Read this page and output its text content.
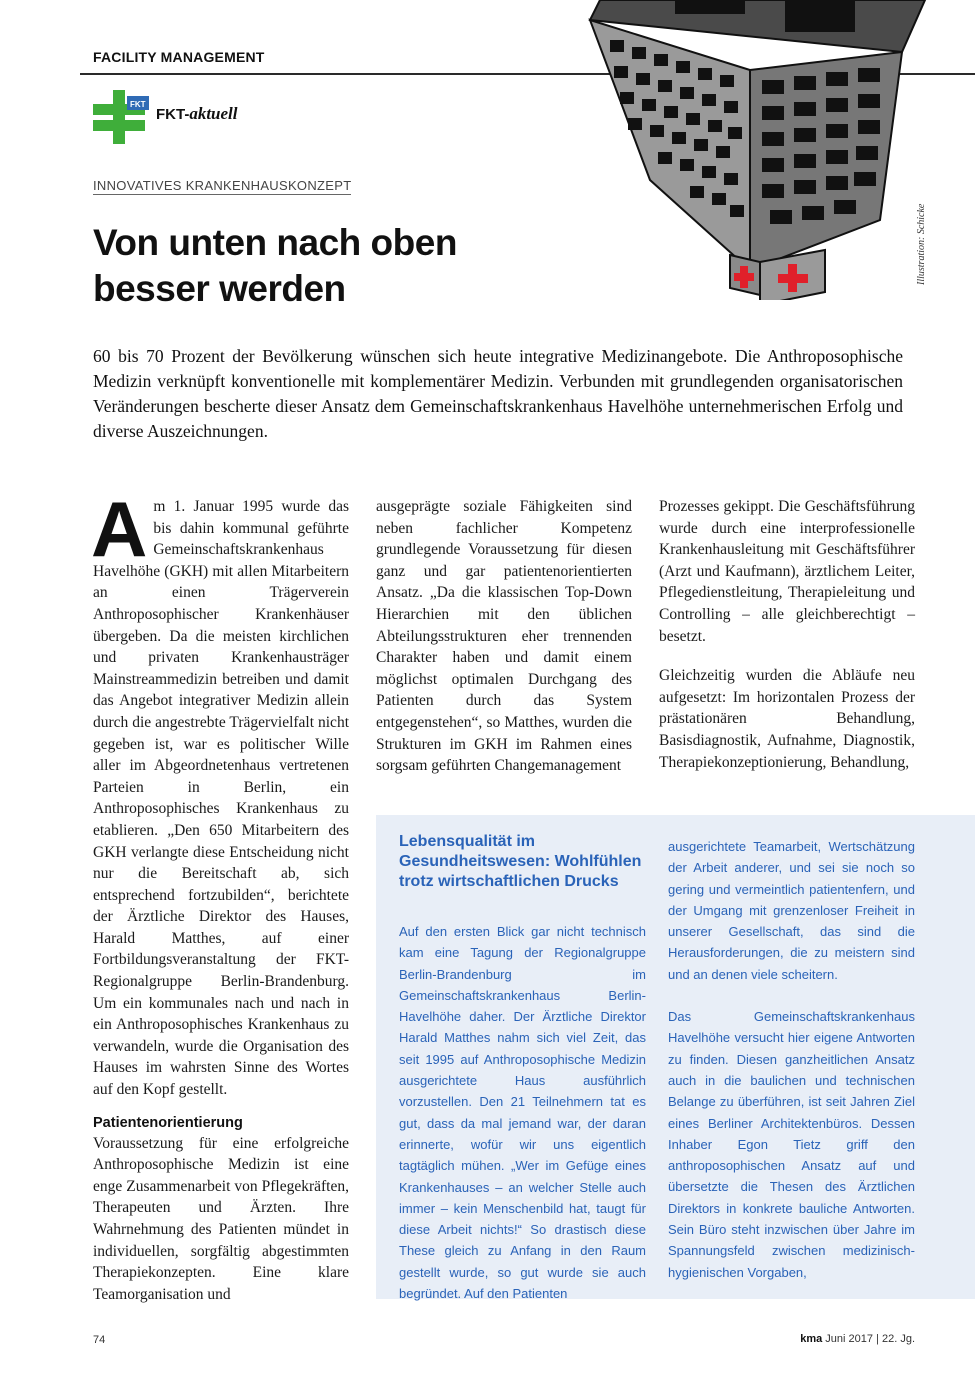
FACILITY MANAGEMENT
FKT
FKT-aktuell
Illustration: Schicke
INNOVATIVES KRANKENHAUSKONZEPT
Von unten nach oben
besser werden
60 bis 70 Prozent der Bevölkerung wünschen sich heute integrative Medizinangebote. Die Anthroposophische Medizin verknüpft konventionelle mit komplementärer Medizin. Verbunden mit grundlegenden organisatorischen Veränderungen bescherte dieser Ansatz dem Gemeinschaftskrankenhaus Havelhöhe unternehmerischen Erfolg und diverse Auszeichnungen.

Am 1. Januar 1995 wurde das bis dahin kommunal geführte Gemeinschaftskrankenhaus Havelhöhe (GKH) mit allen Mitarbeitern an einen Trägerverein Anthroposophischer Krankenhäuser übergeben. Da die meisten kirchlichen und privaten Krankenhausträger Mainstreammedizin betreiben und damit das Angebot integrativer Medizin allein durch die angestrebte Trägervielfalt nicht gegeben ist, war es politischer Wille aller im Abgeordnetenhaus vertretenen Parteien in Berlin, ein Anthroposophisches Krankenhaus zu etablieren. „Den 650 Mitarbeitern des GKH verlangte diese Entscheidung nicht nur die Bereitschaft ab, sich entsprechend fortzubilden“, berichtete der Ärztliche Direktor des Hauses, Harald Matthes, auf einer Fortbildungsveranstaltung der FKT-Regionalgruppe Berlin-Brandenburg. Um ein kommunales nach und nach in ein Anthroposophisches Krankenhaus zu verwandeln, wurde die Organisation des Hauses im wahrsten Sinne des Wortes auf den Kopf gestellt.

Patientenorientierung

Voraussetzung für eine erfolgreiche Anthroposophische Medizin ist eine enge Zusammenarbeit von Pflegekräften, Therapeuten und Ärzten. Ihre Wahrnehmung des Patienten mündet in individuellen, sorgfältig abgestimmten Therapiekonzepten. Eine klare Teamorganisation und

ausgeprägte soziale Fähigkeiten sind neben fachlicher Kompetenz grundlegende Voraussetzung für diesen ganz und gar patientenorientierten Ansatz. „Da die klassischen Top-Down Hierarchien mit den üblichen Abteilungsstrukturen eher trennenden Charakter haben und damit einem möglichst optimalen Durchgang des Patienten durch das System entgegenstehen“, so Matthes, wurden die Strukturen im GKH im Rahmen eines sorgsam geführten Changemanagement

Prozesses gekippt. Die Geschäftsführung wurde durch eine interprofessionelle Krankenhausleitung mit Geschäftsführer (Arzt und Kaufmann), ärztlichem Leiter, Pflegedienstleitung, Therapieleitung und Controlling – alle gleichberechtigt – besetzt.

Gleichzeitig wurden die Abläufe neu aufgesetzt: Im horizontalen Prozess der prästationären Behandlung, Basisdiagnostik, Aufnahme, Diagnostik, Therapiekonzeptionierung, Behandlung,

Lebensqualität im Gesundheitswesen: Wohlfühlen trotz wirtschaftlichen Drucks
Auf den ersten Blick gar nicht technisch kam eine Tagung der Regionalgruppe Berlin-Brandenburg im Gemeinschaftskrankenhaus Berlin-Havelhöhe daher. Der Ärztliche Direktor Harald Matthes nahm sich viel Zeit, das seit 1995 auf Anthroposophische Medizin ausgerichtete Haus ausführlich vorzustellen. Den 21 Teilnehmern tat es gut, dass da mal jemand war, der daran erinnerte, wofür wir uns eigentlich tagtäglich mühen. „Wer im Gefüge eines Krankenhauses – an welcher Stelle auch immer – kein Menschenbild hat, taugt für diese Arbeit nichts!“ So drastisch diese These gleich zu Anfang in den Raum gestellt wurde, so gut wurde sie auch begründet. Auf den Patienten

ausgerichtete Teamarbeit, Wertschätzung der Arbeit anderer, und sei sie noch so gering und vermeintlich patientenfern, und der Umgang mit grenzenloser Freiheit in unserer Gesellschaft, das sind die Herausforderungen, die zu meistern sind und an denen viele scheitern.

Das Gemeinschaftskrankenhaus Havelhöhe versucht hier eigene Antworten zu finden. Diesen ganzheitlichen Ansatz auch in die baulichen und technischen Belange zu überführen, ist seit Jahren Ziel eines Berliner Architektenbüros. Dessen Inhaber Egon Tietz griff den anthroposophischen Ansatz auf und übersetzte die Thesen des Ärztlichen Direktors in konkrete bauliche Antworten. Sein Büro steht inzwischen über Jahre im Spannungsfeld zwischen medizinisch-hygienischen Vorgaben,

74	kma Juni 2017 | 22. Jg.
